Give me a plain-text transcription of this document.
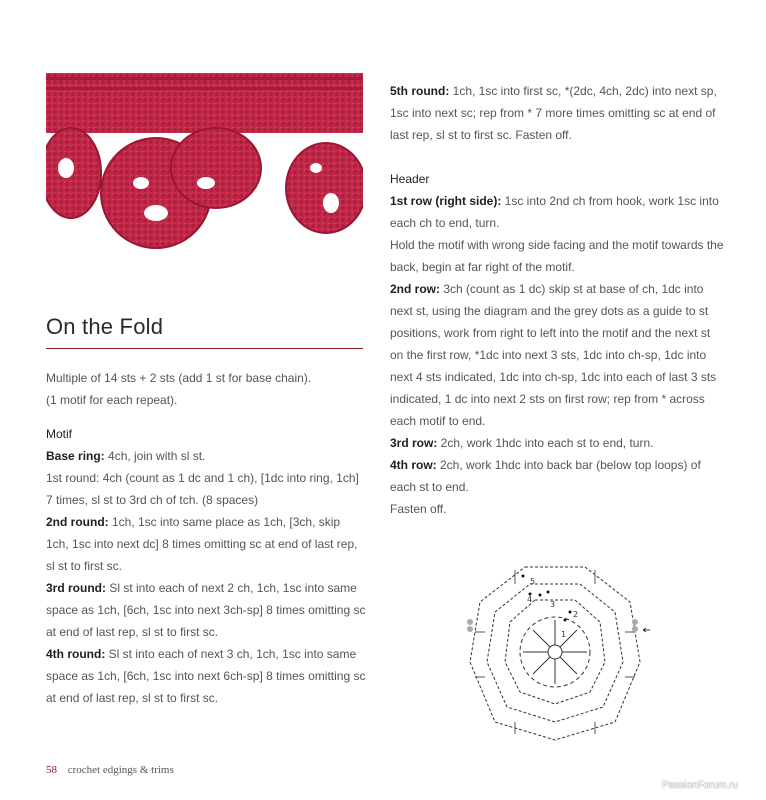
On the Fold

Multiple of 14 sts + 2 sts (add 1 st for base chain).

(1 motif for each repeat).

Motif

Base ring: 4ch, join with sl st.

1st round: 4ch (count as 1 dc and 1 ch), [1dc into ring, 1ch] 7 times, sl st to 3rd ch of tch. (8 spaces)

2nd round: 1ch, 1sc into same place as 1ch, [3ch, skip 1ch, 1sc into next dc] 8 times omitting sc at end of last rep, sl st to first sc.

3rd round: Sl st into each of next 2 ch, 1ch, 1sc into same space as 1ch, [6ch, 1sc into next 3ch-sp] 8 times omitting sc at end of last rep, sl st to first sc.

4th round: Sl st into each of next 3 ch, 1ch, 1sc into same space as 1ch, [6ch, 1sc into next 6ch-sp] 8 times omitting sc at end of last rep, sl st to first sc.

5th round: 1ch, 1sc into first sc, *(2dc, 4ch, 2dc) into next sp, 1sc into next sc; rep from * 7 more times omitting sc at end of last rep, sl st to first sc. Fasten off.

Header

1st row (right side): 1sc into 2nd ch from hook, work 1sc into each ch to end, turn.

Hold the motif with wrong side facing and the motif towards the back, begin at far right of the motif.

2nd row: 3ch (count as 1 dc) skip st at base of ch, 1dc into next st, using the diagram and the grey dots as a guide to st positions, work from right to left into the motif and the next st on the first row, *1dc into next 3 sts, 1dc into ch-sp, 1dc into next 4 sts indicated, 1dc into ch-sp, 1dc into each of last 3 sts indicated, 1 dc into next 2 sts on first row; rep from * across each motif to end.

3rd row: 2ch, work 1hdc into each st to end, turn.

4th row: 2ch, work 1hdc into back bar (below top loops) of each st to end.

Fasten off.

1
2
3
4
5
58 crochet edgings & trims
PassionForum.ru
